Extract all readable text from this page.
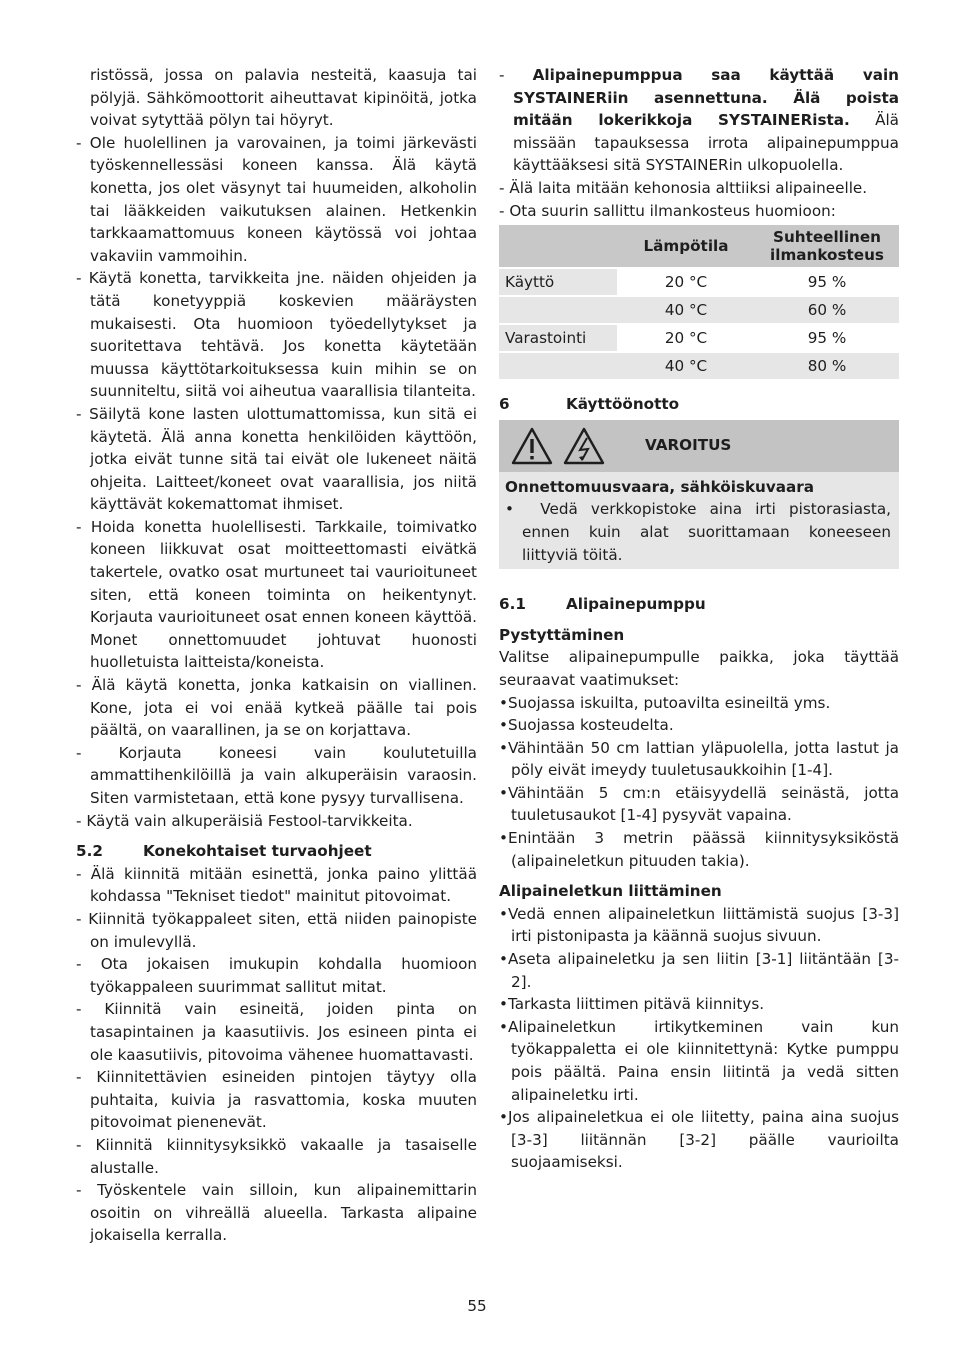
ristössä, jossa on palavia nesteitä, kaasuja tai pölyjä. Sähkömoottorit aiheuttavat kipinöitä, jotka voivat sytyttää pölyn tai höyryt.

- Ole huolellinen ja varovainen, ja toimi järkevästi työskennellessäsi koneen kanssa. Älä käytä konetta, jos olet väsynyt tai huumeiden, alkoholin tai lääkkeiden vaikutuksen alainen. Hetkenkin tarkkaamattomuus koneen käytössä voi johtaa vakaviin vammoihin.

- Käytä konetta, tarvikkeita jne. näiden ohjeiden ja tätä konetyyppiä koskevien määräysten mukaisesti. Ota huomioon työedellytykset ja suoritettava tehtävä. Jos konetta käytetään muussa käyttötarkoituksessa kuin mihin se on suunniteltu, siitä voi aiheutua vaarallisia tilanteita.

- Säilytä kone lasten ulottumattomissa, kun sitä ei käytetä. Älä anna konetta henkilöiden käyttöön, jotka eivät tunne sitä tai eivät ole lukeneet näitä ohjeita. Laitteet/koneet ovat vaarallisia, jos niitä käyttävät kokemattomat ihmiset.

- Hoida konetta huolellisesti. Tarkkaile, toimivatko koneen liikkuvat osat moitteettomasti eivätkä takertele, ovatko osat murtuneet tai vaurioituneet siten, että koneen toiminta on heikentynyt. Korjauta vaurioituneet osat ennen koneen käyttöä. Monet onnettomuudet johtuvat huonosti huolletuista laitteista/koneista.

- Älä käytä konetta, jonka katkaisin on viallinen. Kone, jota ei voi enää kytkeä päälle tai pois päältä, on vaarallinen, ja se on korjattava.

- Korjauta koneesi vain koulutetuilla ammattihenkilöillä ja vain alkuperäisin varaosin. Siten varmistetaan, että kone pysyy turvallisena.

- Käytä vain alkuperäisiä Festool-tarvikkeita.

5.2	Konekohtaiset turvaohjeet

- Älä kiinnitä mitään esinettä, jonka paino ylittää kohdassa "Tekniset tiedot" mainitut pitovoimat.

- Kiinnitä työkappaleet siten, että niiden painopiste on imulevyllä.

- Ota jokaisen imukupin kohdalla huomioon työkappaleen suurimmat sallitut mitat.

- Kiinnitä vain esineitä, joiden pinta on tasapintainen ja kaasutiivis. Jos esineen pinta ei ole kaasutiivis, pitovoima vähenee huomattavasti.

- Kiinnitettävien esineiden pintojen täytyy olla puhtaita, kuivia ja rasvattomia, koska muuten pitovoimat pienenevät.

- Kiinnitä kiinnitysyksikkö vakaalle ja tasaiselle alustalle.

- Työskentele vain silloin, kun alipainemittarin osoitin on vihreällä alueella. Tarkasta alipaine jokaisella kerralla.

- Alipainepumppua saa käyttää vain SYSTAINERiin asennettuna. Älä poista mitään lokerikkoja SYSTAINERista. Älä missään tapauksessa irrota alipainepumppua käyttääksesi sitä SYSTAINERin ulkopuolella.

- Älä laita mitään kehonosia alttiiksi alipaineelle.

- Ota suurin sallittu ilmankosteus huomioon:

	Lämpötila	Suhteellinen ilmankosteus
Käyttö	20 °C	95 %
	40 °C	60 %
Varastointi	20 °C	95 %
	40 °C	80 %
6	Käyttöönotto
VAROITUS

Onnettomuusvaara, sähköiskuvaara

•  Vedä verkkopistoke aina irti pistorasiasta, ennen kuin alat suorittamaan koneeseen liittyviä töitä.

6.1	Alipainepumppu

Pystyttäminen

Valitse alipainepumpulle paikka, joka täyttää seuraavat vaatimukset:

•Suojassa iskuilta, putoavilta esineiltä yms.

•Suojassa kosteudelta.

•Vähintään 50 cm lattian yläpuolella, jotta lastut ja pöly eivät imeydy tuuletusaukkoihin [1-4].

•Vähintään 5 cm:n etäisyydellä seinästä, jotta tuuletusaukot [1-4] pysyvät vapaina.

•Enintään 3 metrin päässä kiinnitysyksiköstä (alipaineletkun pituuden takia).

Alipaineletkun liittäminen

•Vedä ennen alipaineletkun liittämistä suojus [3-3] irti pistonipasta ja käännä suojus sivuun.

•Aseta alipaineletku ja sen liitin [3-1] liitäntään [3-2].

•Tarkasta liittimen pitävä kiinnitys.

•Alipaineletkun irtikytkeminen vain kun työkappaletta ei ole kiinnitettynä: Kytke pumppu pois päältä. Paina ensin liitintä ja vedä sitten alipaineletku irti.

•Jos alipaineletkua ei ole liitetty, paina aina suojus [3-3] liitännän [3-2] päälle vaurioilta suojaamiseksi.

55
